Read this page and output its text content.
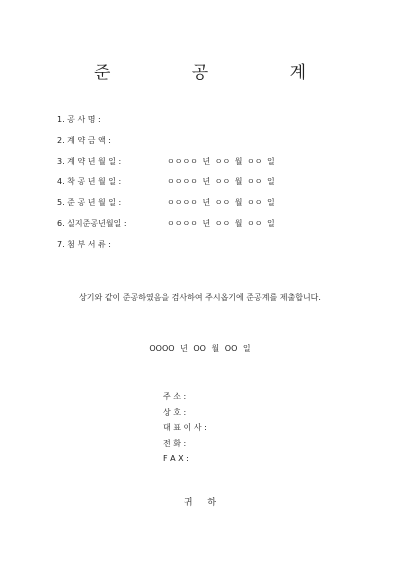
준 공 계
1. 공 사 명 :
2. 계 약 금 액 :
3. 계 약 년 월 일 :	ㅇㅇㅇㅇ 년 ㅇㅇ 월 ㅇㅇ 일
4. 착 공 년 월 일 :	ㅇㅇㅇㅇ 년 ㅇㅇ 월 ㅇㅇ 일
5. 준 공 년 월 일 :	ㅇㅇㅇㅇ 년 ㅇㅇ 월 ㅇㅇ 일
6. 실지준공년월일 :	ㅇㅇㅇㅇ 년 ㅇㅇ 월 ㅇㅇ 일
7. 첨 부 서 류 :
상기와 같이 준공하였음을 검사하여 주시옵기에 준공계를 제출합니다.
OOOO 년 OO 월 OO 일
주 소 :
상 호 :
대 표 이 사 :
전 화 :
F A X :
귀 하
